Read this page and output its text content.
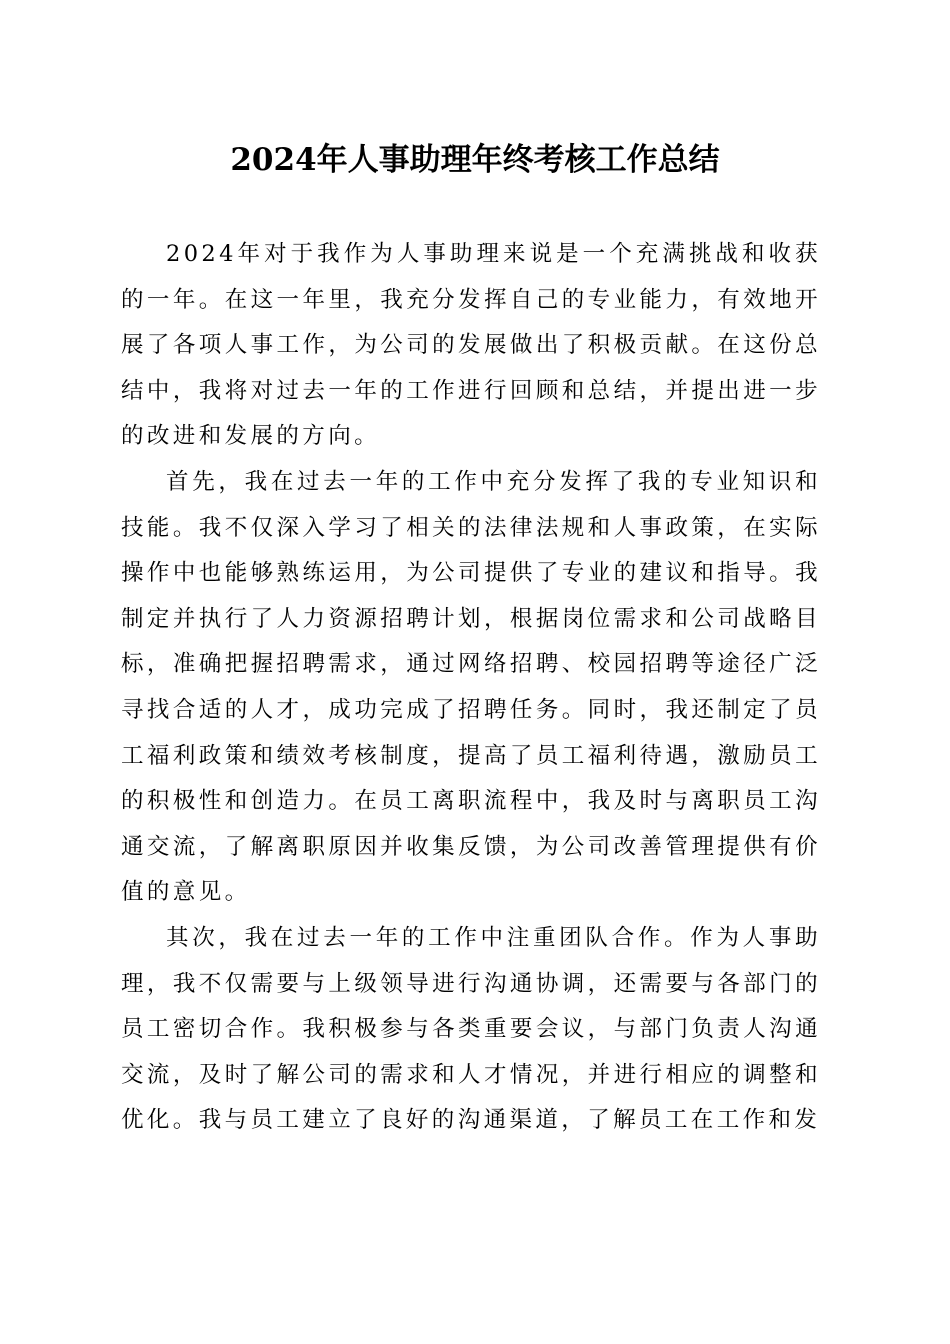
2024年人事助理年终考核工作总结

2024年对于我作为人事助理来说是一个充满挑战和收获的一年。在这一年里，我充分发挥自己的专业能力，有效地开展了各项人事工作，为公司的发展做出了积极贡献。在这份总结中，我将对过去一年的工作进行回顾和总结，并提出进一步的改进和发展的方向。

首先，我在过去一年的工作中充分发挥了我的专业知识和技能。我不仅深入学习了相关的法律法规和人事政策，在实际操作中也能够熟练运用，为公司提供了专业的建议和指导。我制定并执行了人力资源招聘计划，根据岗位需求和公司战略目标，准确把握招聘需求，通过网络招聘、校园招聘等途径广泛寻找合适的人才，成功完成了招聘任务。同时，我还制定了员工福利政策和绩效考核制度，提高了员工福利待遇，激励员工的积极性和创造力。在员工离职流程中，我及时与离职员工沟通交流，了解离职原因并收集反馈，为公司改善管理提供有价值的意见。

其次，我在过去一年的工作中注重团队合作。作为人事助理，我不仅需要与上级领导进行沟通协调，还需要与各部门的员工密切合作。我积极参与各类重要会议，与部门负责人沟通交流，及时了解公司的需求和人才情况，并进行相应的调整和优化。我与员工建立了良好的沟通渠道，了解员工在工作和发
